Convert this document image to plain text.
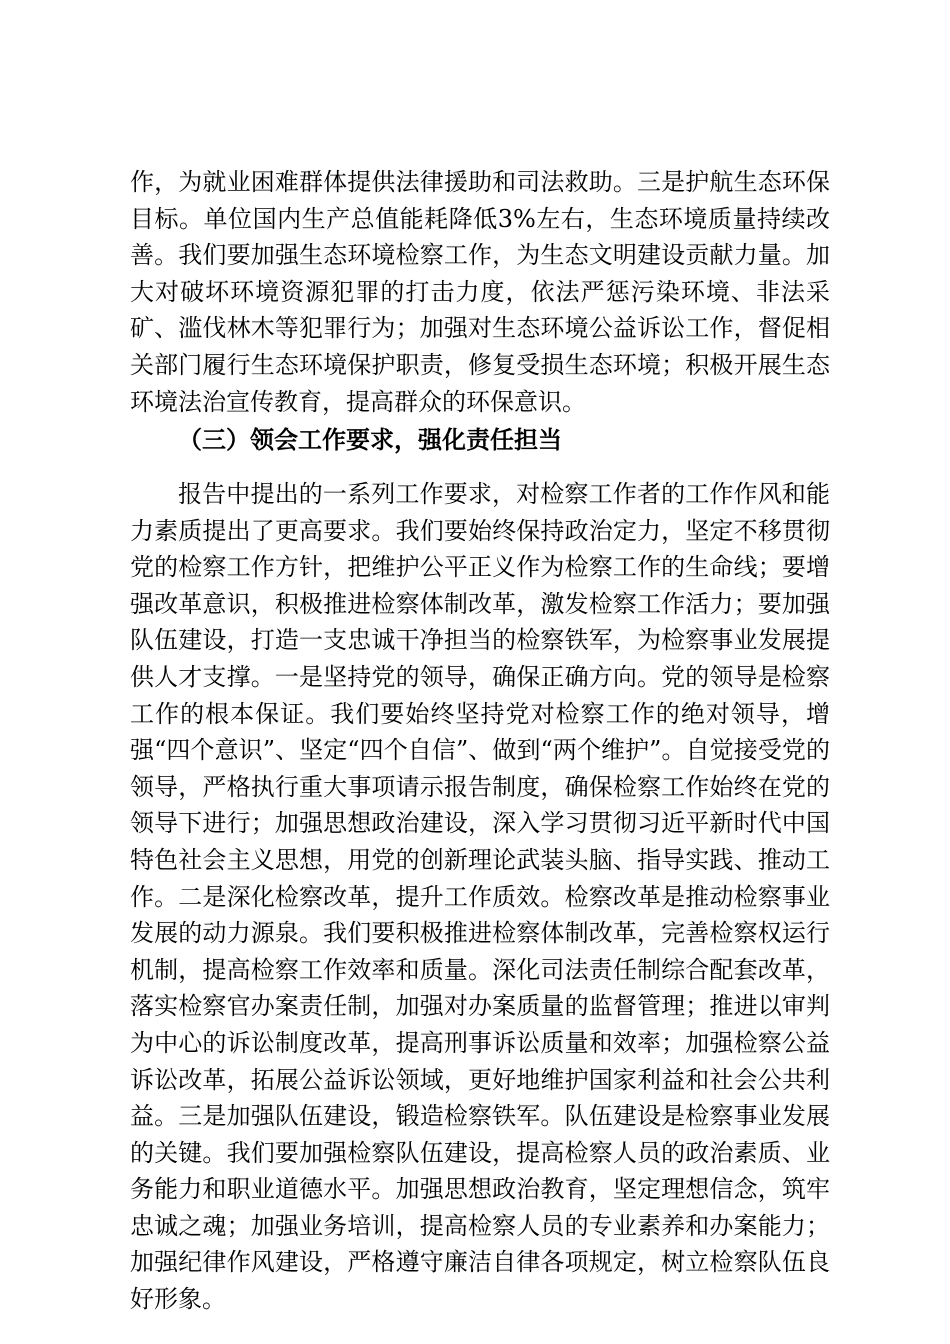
作，为就业困难群体提供法律援助和司法救助。三是护航生态环保目标。单位国内生产总值能耗降低3%左右，生态环境质量持续改善。我们要加强生态环境检察工作，为生态文明建设贡献力量。加大对破坏环境资源犯罪的打击力度，依法严惩污染环境、非法采矿、滥伐林木等犯罪行为；加强对生态环境公益诉讼工作，督促相关部门履行生态环境保护职责，修复受损生态环境；积极开展生态环境法治宣传教育，提高群众的环保意识。

（三）领会工作要求，强化责任担当

报告中提出的一系列工作要求，对检察工作者的工作作风和能力素质提出了更高要求。我们要始终保持政治定力，坚定不移贯彻党的检察工作方针，把维护公平正义作为检察工作的生命线；要增强改革意识，积极推进检察体制改革，激发检察工作活力；要加强队伍建设，打造一支忠诚干净担当的检察铁军，为检察事业发展提供人才支撑。一是坚持党的领导，确保正确方向。党的领导是检察工作的根本保证。我们要始终坚持党对检察工作的绝对领导，增强“四个意识”、坚定“四个自信”、做到“两个维护”。自觉接受党的领导，严格执行重大事项请示报告制度，确保检察工作始终在党的领导下进行；加强思想政治建设，深入学习贯彻习近平新时代中国特色社会主义思想，用党的创新理论武装头脑、指导实践、推动工作。二是深化检察改革，提升工作质效。检察改革是推动检察事业发展的动力源泉。我们要积极推进检察体制改革，完善检察权运行机制，提高检察工作效率和质量。深化司法责任制综合配套改革，落实检察官办案责任制，加强对办案质量的监督管理；推进以审判为中心的诉讼制度改革，提高刑事诉讼质量和效率；加强检察公益诉讼改革，拓展公益诉讼领域，更好地维护国家利益和社会公共利益。三是加强队伍建设，锻造检察铁军。队伍建设是检察事业发展的关键。我们要加强检察队伍建设，提高检察人员的政治素质、业务能力和职业道德水平。加强思想政治教育，坚定理想信念，筑牢忠诚之魂；加强业务培训，提高检察人员的专业素养和办案能力；加强纪律作风建设，严格遵守廉洁自律各项规定，树立检察队伍良好形象。
